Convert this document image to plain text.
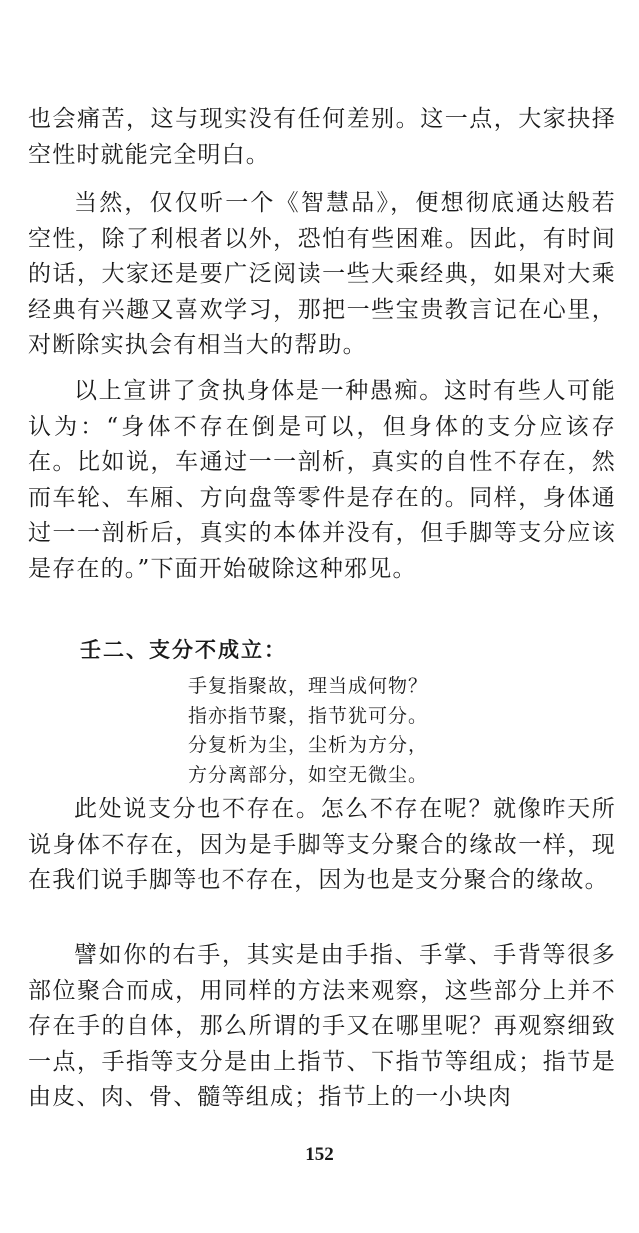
也会痛苦，这与现实没有任何差别。这一点，大家抉择空性时就能完全明白。

当然，仅仅听一个《智慧品》，便想彻底通达般若空性，除了利根者以外，恐怕有些困难。因此，有时间的话，大家还是要广泛阅读一些大乘经典，如果对大乘经典有兴趣又喜欢学习，那把一些宝贵教言记在心里，对断除实执会有相当大的帮助。

以上宣讲了贪执身体是一种愚痴。这时有些人可能认为：“身体不存在倒是可以，但身体的支分应该存在。比如说，车通过一一剖析，真实的自性不存在，然而车轮、车厢、方向盘等零件是存在的。同样，身体通过一一剖析后，真实的本体并没有，但手脚等支分应该是存在的。”下面开始破除这种邪见。

壬二、支分不成立：
手复指聚故，理当成何物？
指亦指节聚，指节犹可分。
分复析为尘，尘析为方分，
方分离部分，如空无微尘。

此处说支分也不存在。怎么不存在呢？就像昨天所说身体不存在，因为是手脚等支分聚合的缘故一样，现在我们说手脚等也不存在，因为也是支分聚合的缘故。

譬如你的右手，其实是由手指、手掌、手背等很多部位聚合而成，用同样的方法来观察，这些部分上并不存在手的自体，那么所谓的手又在哪里呢？再观察细致一点，手指等支分是由上指节、下指节等组成；指节是由皮、肉、骨、髓等组成；指节上的一小块肉

152
